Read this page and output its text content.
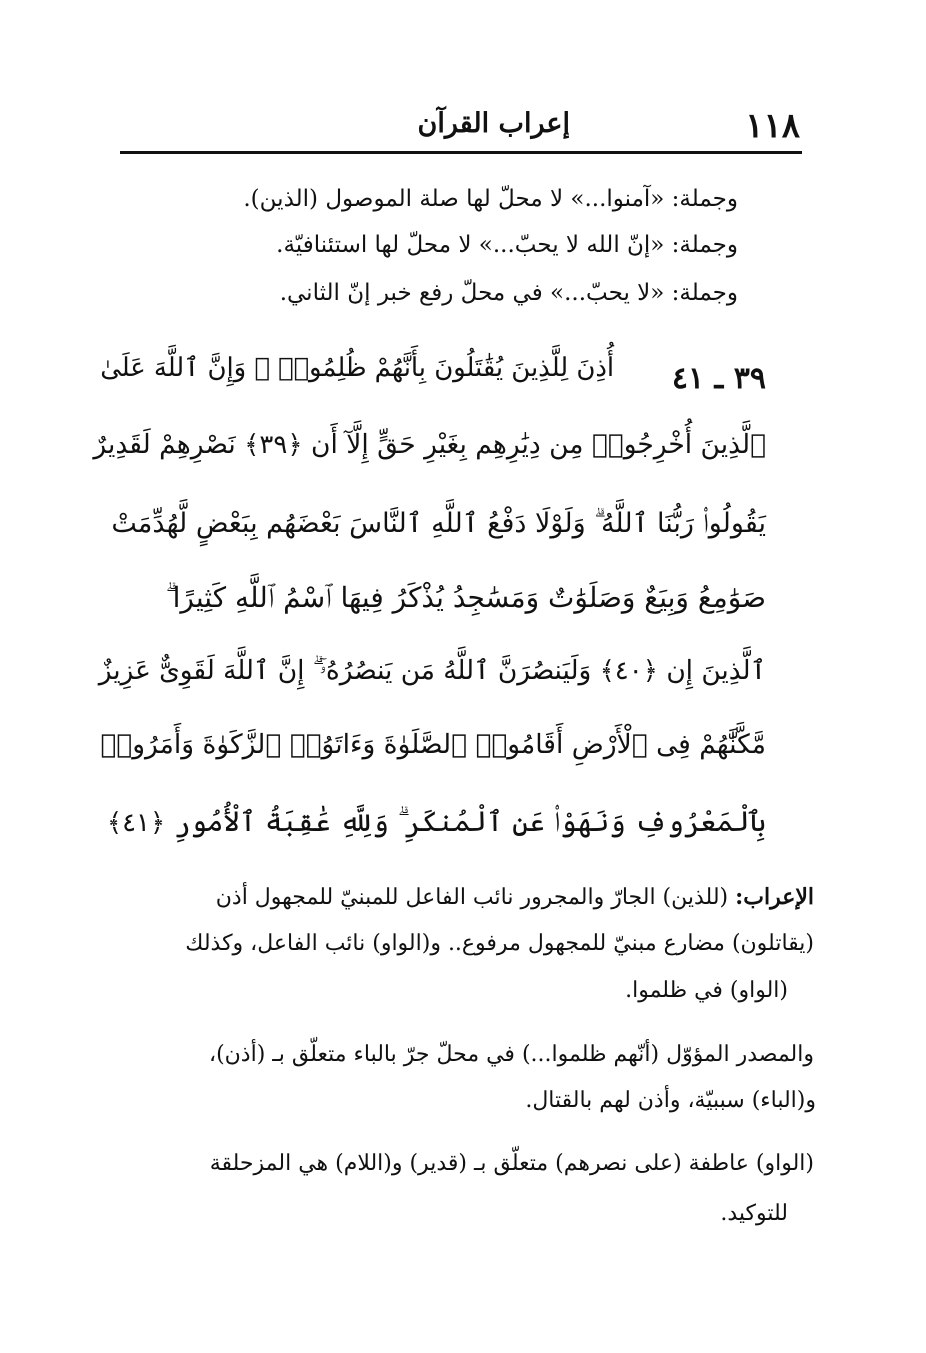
١١٨
إعراب القرآن
وجملة: «آمنوا...» لا محلّ لها صلة الموصول (الذين).
وجملة: «إنّ الله لا يحبّ...» لا محلّ لها استئنافيّة.
وجملة: «لا يحبّ...» في محلّ رفع خبر إنّ الثاني.
٣٩ ـ ٤١
أُذِنَ لِلَّذِينَ يُقَٰتَلُونَ بِأَنَّهُمْ ظُلِمُوا۟ ۚ وَإِنَّ ٱللَّهَ عَلَىٰ
ٱلَّذِينَ أُخْرِجُوا۟ مِن دِيَٰرِهِم بِغَيْرِ حَقٍّ إِلَّآ أَن ﴿٣٩﴾ نَصْرِهِمْ لَقَدِيرٌ
يَقُولُوا۟ رَبُّنَا ٱللَّهُ ۗ وَلَوْلَا دَفْعُ ٱللَّهِ ٱلنَّاسَ بَعْضَهُم بِبَعْضٍ لَّهُدِّمَتْ
صَوَٰمِعُ وَبِيَعٌ وَصَلَوَٰتٌ وَمَسَٰجِدُ يُذْكَرُ فِيهَا ٱسْمُ ٱللَّهِ كَثِيرًا ۗ
ٱلَّذِينَ إِن ﴿٤٠﴾ وَلَيَنصُرَنَّ ٱللَّهُ مَن يَنصُرُهُۥٓ ۗ إِنَّ ٱللَّهَ لَقَوِىٌّ عَزِيزٌ
مَّكَّنَّٰهُمْ فِى ٱلْأَرْضِ أَقَامُوا۟ ٱلصَّلَوٰةَ وَءَاتَوُا۟ ٱلزَّكَوٰةَ وَأَمَرُوا۟
بِٱلْمَعْرُوفِ وَنَهَوْا۟ عَنِ ٱلْمُنكَرِ ۗ وَلِلَّهِ عَٰقِبَةُ ٱلْأُمُورِ ﴿٤١﴾
الإعراب: (للذين) الجارّ والمجرور نائب الفاعل للمبنيّ للمجهول أذن
(يقاتلون) مضارع مبنيّ للمجهول مرفوع.. و(الواو) نائب الفاعل، وكذلك
(الواو) في ظلموا.
والمصدر المؤوّل (أنّهم ظلموا...) في محلّ جرّ بالباء متعلّق بـ (أذن)،
و(الباء) سببيّة، وأذن لهم بالقتال.
(الواو) عاطفة (على نصرهم) متعلّق بـ (قدير) و(اللام) هي المزحلقة
للتوكيد.
